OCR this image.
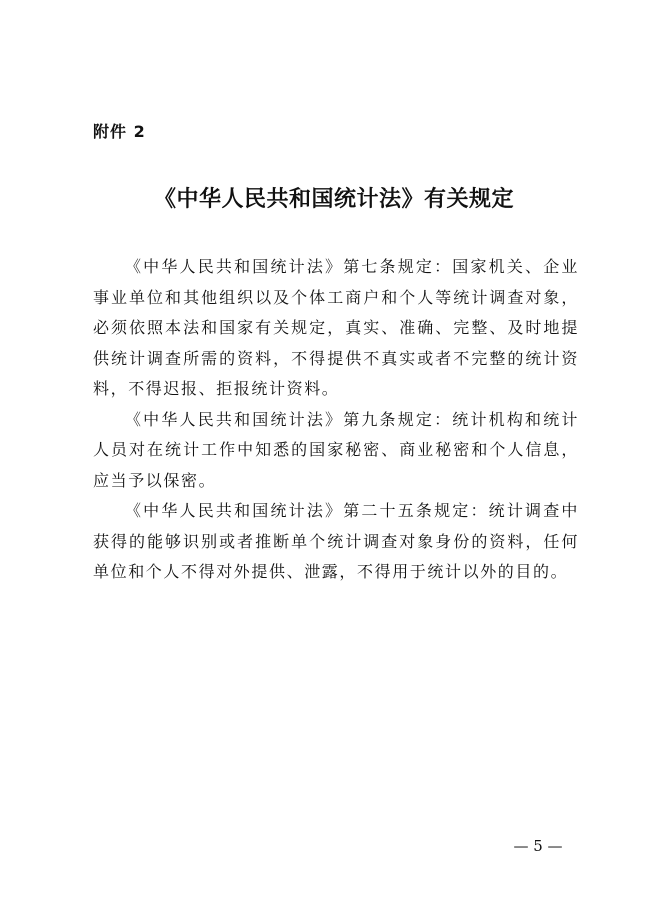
附件 2

《中华人民共和国统计法》有关规定

《中华人民共和国统计法》第七条规定：国家机关、企业事业单位和其他组织以及个体工商户和个人等统计调查对象，必须依照本法和国家有关规定，真实、准确、完整、及时地提供统计调查所需的资料，不得提供不真实或者不完整的统计资料，不得迟报、拒报统计资料。

《中华人民共和国统计法》第九条规定：统计机构和统计人员对在统计工作中知悉的国家秘密、商业秘密和个人信息，应当予以保密。

《中华人民共和国统计法》第二十五条规定：统计调查中获得的能够识别或者推断单个统计调查对象身份的资料，任何单位和个人不得对外提供、泄露，不得用于统计以外的目的。

— 5 —
